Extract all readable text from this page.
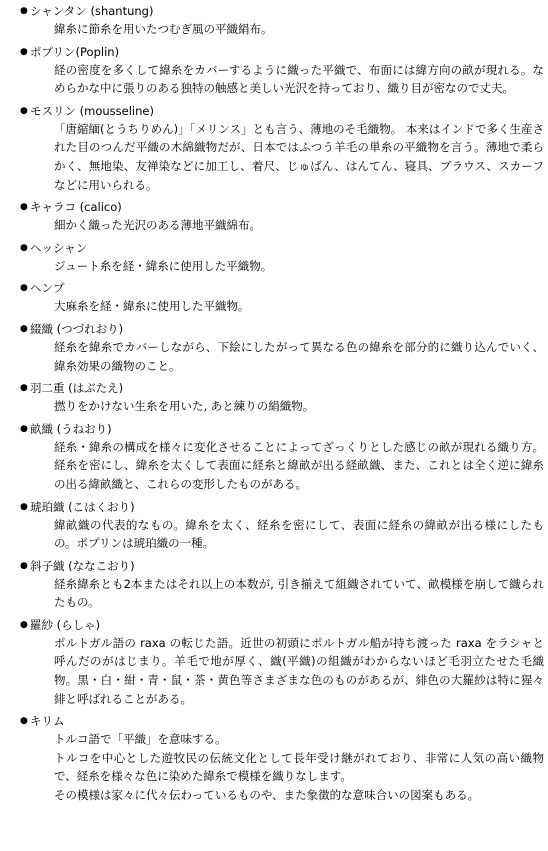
● シャンタン (shantung)

緯糸に節糸を用いたつむぎ風の平織絹布。

● ポプリン(Poplin)

経の密度を多くして緯糸をカバーするように織った平織で、布面には緯方向の畝が現れる。なめらかな中に張りのある独特の触感と美しい光沢を持っており、織り目が密なので丈夫。

● モスリン (mousseline)

「唐縮緬(とうちりめん)」「メリンス」とも言う、薄地のそ毛織物。 本来はインドで多く生産された目のつんだ平織の木綿織物だが、日本ではふつう羊毛の単糸の平織物を言う。薄地で柔らかく、無地染、友禅染などに加工し、着尺、じゅばん、はんてん、寝具、ブラウス、スカーフなどに用いられる。

● キャラコ (calico)

細かく織った光沢のある薄地平織綿布。

● ヘッシャン

ジュート糸を経・緯糸に使用した平織物。

● ヘンプ

大麻糸を経・緯糸に使用した平織物。

● 綴織 (つづれおり)

経糸を緯糸でカバーしながら、下絵にしたがって異なる色の緯糸を部分的に織り込んでいく、緯糸効果の織物のこと。

● 羽二重 (はぶたえ)

撚りをかけない生糸を用いた, あと練りの絹織物。

● 畝織 (うねおり)

経糸・緯糸の構成を様々に変化させることによってざっくりとした感じの畝が現れる織り方。経糸を密にし、緯糸を太くして表面に経糸と緯畝が出る経畝織、また、これとは全く逆に緯糸の出る緯畝織と、これらの変形したものがある。

● 琥珀織 (こはくおり)

緯畝織の代表的なもの。緯糸を太く、経糸を密にして、表面に経糸の緯畝が出る様にしたもの。ポプリンは琥珀織の一種。

● 斜子織 (ななこおり)

経糸緯糸とも2本またはそれ以上の本数が, 引き揃えて組織されていて、畝模様を崩して織られたもの。

● 羅紗 (らしゃ)

ポルトガル語の raxa の転じた語。近世の初頭にポルトガル船が持ち渡った raxa をラシャと呼んだのがはじまり。羊毛で地が厚く、織(平織)の組織がわからないほど毛羽立たせた毛織物。黒・白・紺・青・鼠・茶・黄色等さまざまな色のものがあるが、緋色の大羅紗は特に猩々緋と呼ばれることがある。

● キリム

トルコ語で「平織」を意味する。

トルコを中心とした遊牧民の伝統文化として長年受け継がれており、非常に人気の高い織物で、経糸を様々な色に染めた緯糸で模様を織りなします。

その模様は家々に代々伝わっているものや、また象徴的な意味合いの図案もある。
